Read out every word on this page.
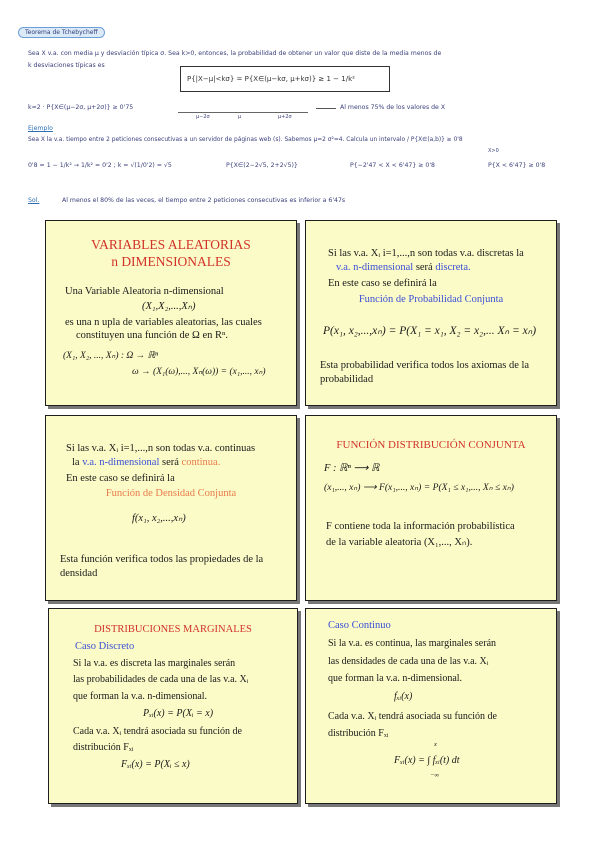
Teorema de Tchebycheff
Sea X v.a. con media μ y desviación típica σ. Sea k>0, entonces, la probabilidad de obtener un valor que diste de la media menos de
k desviaciones típicas es
P{|X−μ|<kσ} = P{X∈(μ−kσ, μ+kσ)} ≥ 1 − 1/k²
k=2 · P{X∈(μ−2σ, μ+2σ)} ≥ 0'75	Al menos 75% de los valores de X
μ−2σ	μ	μ+2σ
Ejemplo
Sea X la v.a. tiempo entre 2 peticiones consecutivas a un servidor de páginas web (s). Sabemos μ=2 σ²=4. Calcula un intervalo / P{X∈(a,b)} ≥ 0'8
0'8 = 1 − 1/k² → 1/k² = 0'2 ; k = √(1/0'2) = √5	P{X∈(2−2√5, 2+2√5)}	P{−2'47 < X < 6'47} ≥ 0'8
X>0
P{X < 6'47} ≥ 0'8
Sol.	Al menos el 80% de las veces, el tiempo entre 2 peticiones consecutivas es inferior a 6'47s
VARIABLES ALEATORIAS
n DIMENSIONALES
Una Variable Aleatoria n-dimensional
(X₁,X₂,...,Xₙ)
es una n upla de variables aleatorias, las cuales
constituyen una función de Ω en Rⁿ.
(X₁, X₂, ..., Xₙ) : Ω → ℝⁿ
ω → (X₁(ω),..., Xₙ(ω)) = (x₁,..., xₙ)
Si las v.a. Xᵢ i=1,...,n son todas v.a. discretas la
v.a. n-dimensional será discreta.
En este caso se definirá la
Función de Probabilidad Conjunta
P(x₁, x₂,...,xₙ) = P(X₁ = x₁, X₂ = x₂,... Xₙ = xₙ)
Esta probabilidad verifica todos los axiomas de la
probabilidad
Si las v.a. Xᵢ i=1,...,n son todas v.a. continuas
la v.a. n-dimensional será continua.
En este caso se definirá la
Función de Densidad Conjunta
f(x₁, x₂,...,xₙ)
Esta función verifica todos las propiedades de la
densidad
FUNCIÓN DISTRIBUCIÓN CONJUNTA
F : ℝⁿ ⟶ ℝ
(x₁,..., xₙ) ⟶ F(x₁,..., xₙ) = P(X₁ ≤ x₁,..., Xₙ ≤ xₙ)
F contiene toda la información probabilística
de la variable aleatoria (X₁,..., Xₙ).
DISTRIBUCIONES MARGINALES
Caso Discreto
Si la v.a. es discreta las marginales serán
las probabilidades de cada una de las v.a. Xᵢ
que forman la v.a. n-dimensional.
Pₓᵢ(x) = P(Xᵢ = x)
Cada v.a. Xᵢ tendrá asociada su función de
distribución Fₓᵢ
Fₓᵢ(x) = P(Xᵢ ≤ x)
Caso Continuo
Si la v.a. es continua, las marginales serán
las densidades de cada una de las v.a. Xᵢ
que forman la v.a. n-dimensional.
fₓᵢ(x)
Cada v.a. Xᵢ tendrá asociada su función de
distribución Fₓᵢ
x
Fₓᵢ(x) = ∫ fₓᵢ(t) dt
−∞
